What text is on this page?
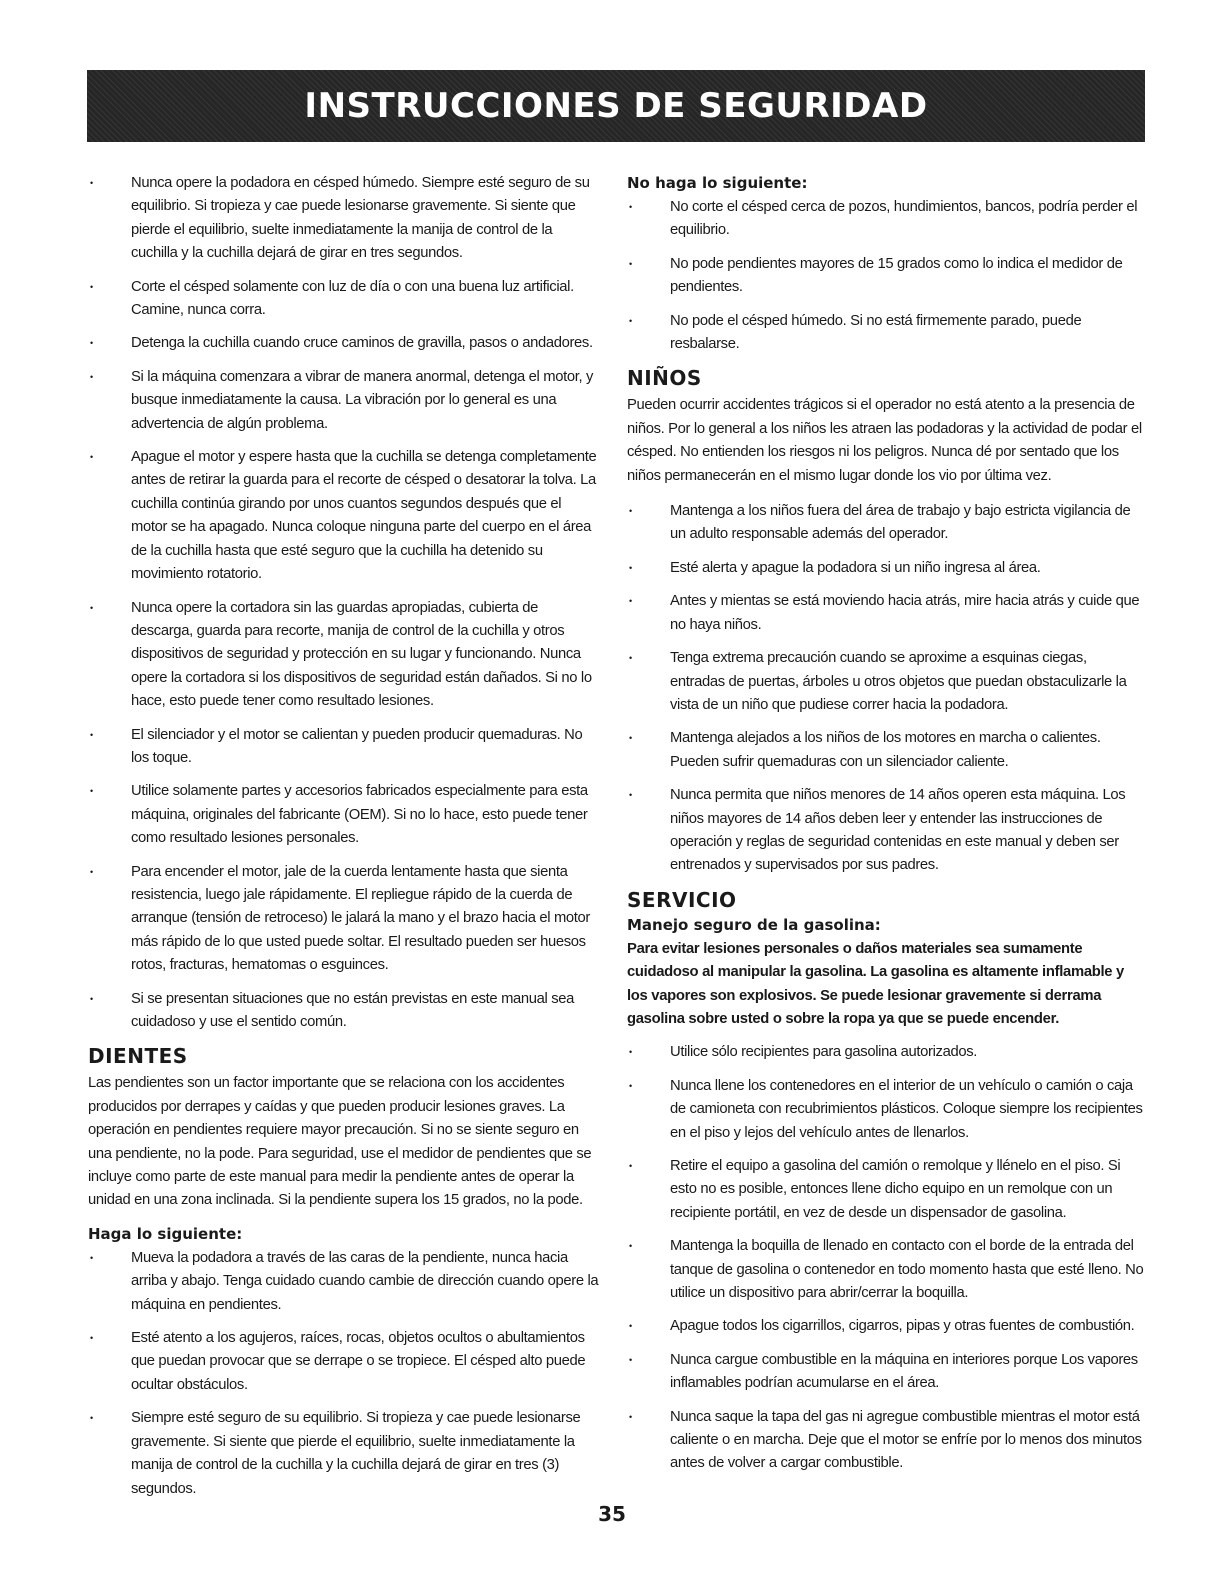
INSTRUCCIONES DE SEGURIDAD
• Nunca opere la podadora en césped húmedo. Siempre esté seguro de su equilibrio. Si tropieza y cae puede lesionarse gravemente. Si siente que pierde el equilibrio, suelte inmediatamente la manija de control de la cuchilla y la cuchilla dejará de girar en tres segundos.
• Corte el césped solamente con luz de día o con una buena luz artificial. Camine, nunca corra.
• Detenga la cuchilla cuando cruce caminos de gravilla, pasos o andadores.
• Si la máquina comenzara a vibrar de manera anormal, detenga el motor, y busque inmediatamente la causa. La vibración por lo general es una advertencia de algún problema.
• Apague el motor y espere hasta que la cuchilla se detenga completamente antes de retirar la guarda para el recorte de césped o desatorar la tolva. La cuchilla continúa girando por unos cuantos segundos después que el motor se ha apagado. Nunca coloque ninguna parte del cuerpo en el área de la cuchilla hasta que esté seguro que la cuchilla ha detenido su movimiento rotatorio.
• Nunca opere la cortadora sin las guardas apropiadas, cubierta de descarga, guarda para recorte, manija de control de la cuchilla y otros dispositivos de seguridad y protección en su lugar y funcionando. Nunca opere la cortadora si los dispositivos de seguridad están dañados. Si no lo hace, esto puede tener como resultado lesiones.
• El silenciador y el motor se calientan y pueden producir quemaduras. No los toque.
• Utilice solamente partes y accesorios fabricados especialmente para esta máquina, originales del fabricante (OEM). Si no lo hace, esto puede tener como resultado lesiones personales.
• Para encender el motor, jale de la cuerda lentamente hasta que sienta resistencia, luego jale rápidamente. El repliegue rápido de la cuerda de arranque (tensión de retroceso) le jalará la mano y el brazo hacia el motor más rápido de lo que usted puede soltar. El resultado pueden ser huesos rotos, fracturas, hematomas o esguinces.
• Si se presentan situaciones que no están previstas en este manual sea cuidadoso y use el sentido común.
DIENTES

Las pendientes son un factor importante que se relaciona con los accidentes producidos por derrapes y caídas y que pueden producir lesiones graves. La operación en pendientes requiere mayor precaución. Si no se siente seguro en una pendiente, no la pode. Para seguridad, use el medidor de pendientes que se incluye como parte de este manual para medir la pendiente antes de operar la unidad en una zona inclinada. Si la pendiente supera los 15 grados, no la pode.

Haga lo siguiente:
• Mueva la podadora a través de las caras de la pendiente, nunca hacia arriba y abajo. Tenga cuidado cuando cambie de dirección cuando opere la máquina en pendientes.
• Esté atento a los agujeros, raíces, rocas, objetos ocultos o abultamientos que puedan provocar que se derrape o se tropiece. El césped alto puede ocultar obstáculos.
• Siempre esté seguro de su equilibrio. Si tropieza y cae puede lesionarse gravemente. Si siente que pierde el equilibrio, suelte inmediatamente la manija de control de la cuchilla y la cuchilla dejará de girar en tres (3) segundos.
No haga lo siguiente:
• No corte el césped cerca de pozos, hundimientos, bancos, podría perder el equilibrio.
• No pode pendientes mayores de 15 grados como lo indica el medidor de pendientes.
• No pode el césped húmedo. Si no está firmemente parado, puede resbalarse.
NIÑOS

Pueden ocurrir accidentes trágicos si el operador no está atento a la presencia de niños. Por lo general a los niños les atraen las podadoras y la actividad de podar el césped. No entienden los riesgos ni los peligros. Nunca dé por sentado que los niños permanecerán en el mismo lugar donde los vio por última vez.

• Mantenga a los niños fuera del área de trabajo y bajo estricta vigilancia de un adulto responsable además del operador.
• Esté alerta y apague la podadora si un niño ingresa al área.
• Antes y mientas se está moviendo hacia atrás, mire hacia atrás y cuide que no haya niños.
• Tenga extrema precaución cuando se aproxime a esquinas ciegas, entradas de puertas, árboles u otros objetos que puedan obstaculizarle la vista de un niño que pudiese correr hacia la podadora.
• Mantenga alejados a los niños de los motores en marcha o calientes. Pueden sufrir quemaduras con un silenciador caliente.
• Nunca permita que niños menores de 14 años operen esta máquina. Los niños mayores de 14 años deben leer y entender las instrucciones de operación y reglas de seguridad contenidas en este manual y deben ser entrenados y supervisados por sus padres.
SERVICIO
Manejo seguro de la gasolina:

Para evitar lesiones personales o daños materiales sea sumamente cuidadoso al manipular la gasolina. La gasolina es altamente inflamable y los vapores son explosivos. Se puede lesionar gravemente si derrama gasolina sobre usted o sobre la ropa ya que se puede encender.

• Utilice sólo recipientes para gasolina autorizados.
• Nunca llene los contenedores en el interior de un vehículo o camión o caja de camioneta con recubrimientos plásticos. Coloque siempre los recipientes en el piso y lejos del vehículo antes de llenarlos.
• Retire el equipo a gasolina del camión o remolque y llénelo en el piso. Si esto no es posible, entonces llene dicho equipo en un remolque con un recipiente portátil, en vez de desde un dispensador de gasolina.
• Mantenga la boquilla de llenado en contacto con el borde de la entrada del tanque de gasolina o contenedor en todo momento hasta que esté lleno. No utilice un dispositivo para abrir/cerrar la boquilla.
• Apague todos los cigarrillos, cigarros, pipas y otras fuentes de combustión.
• Nunca cargue combustible en la máquina en interiores porque Los vapores inflamables podrían acumularse en el área.
• Nunca saque la tapa del gas ni agregue combustible mientras el motor está caliente o en marcha. Deje que el motor se enfríe por lo menos dos minutos antes de volver a cargar combustible.
35
